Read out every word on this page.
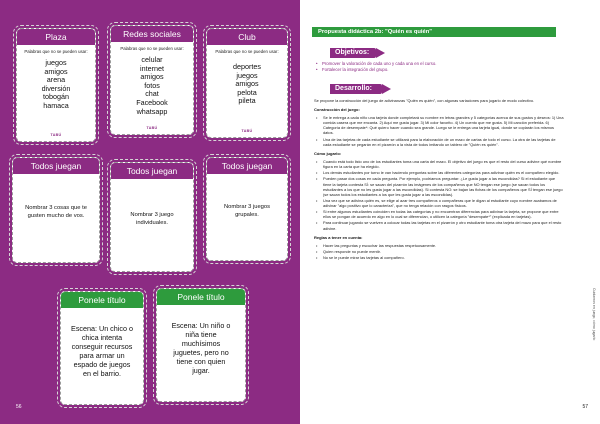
Plaza
Palabras que no se pueden usar:
juegos
amigos
arena
diversión
tobogán
hamaca
TABÚ
Redes sociales
Palabras que no se pueden usar:
celular
internet
amigos
fotos
chat
Facebook
whatsapp
TABÚ
Club
Palabras que no se pueden usar:
deportes
juegos
amigos
pelota
pileta
TABÚ
Todos juegan
Nombrar 3 cosas que te gusten mucho de vos.
Todos juegan
Nombrar 3 juego individuales.
Todos juegan
Nombrar 3 juegos grupales.
Ponele título
Escena: Un chico o chica intenta conseguir recursos para armar un espado de juegos en el barrio.
Ponele título
Escena: Un niño o niña tiene muchísimos juguetes, pero no tiene con quien jugar.
56
Propuesta didáctica 2b: "Quién es quién"
Objetivos:
• Promover la valoración de cada uno y cada una en el curso.
• Fortalecer la integración del grupo.
Desarrollo:

Se propone la construcción del juego de adivinanzas "Quién es quién", con algunas variaciones para jugarlo de modo colectivo.

Construcción del juego:
• Se le entrega a cada niño una tarjeta donde completará su nombre en letras grandes y 5 categorías acerca de sus gustos y deseos: 1) Una comida casera que me encanta. 2) Aquí me gusta jugar. 3) Mi color favorito. 4) Un cuento que me gusta. 5) Mi canción preferida. 6) Categoría de desempate*: Qué quiero hacer cuando sea grande. Luego se le entrega una tarjeta igual, donde se copiarán los mismos datos.
• Una de las tarjetas de cada estudiante se utilizará para la elaboración de un mazo de cartas de todo el curso. La otra de las tarjetas de cada estudiante se pegarán en el pizarrón a la vista de todos imitando un tablero de "Quién es quién".
Cómo jugarlo:
• Cuando está todo listo uno de los estudiantes toma una carta del mazo. El objetivo del juego es que el resto del curso adivine qué nombre figura en la carta que ha elegido.
• Los demás estudiantes por turno le van haciendo preguntas sobre las diferentes categorías para adivinar quién es el compañero elegido.
• Pueden pasar dos cosas en cada pregunta. Por ejemplo, podríamos preguntar: ¿Le gusta jugar a las escondidas? Si el estudiante que tiene la tarjeta contesta SÍ: se sacan del pizarrón las imágenes de los compañeros que NO tengan ese juego (se sacan todos los estudiantes a los que no les gusta jugar a las escondidas). Si contesta NO: se bajan las fichas de los compañeros que SÍ tengan ese juego (se sacan todos los estudiantes a los que les gusta jugar a las escondidas).
• Una vez que se adivina quién es, se elige al azar tres compañeros o compañeras que le digan al estudiante cuyo nombre acabamos de adivinar "algo positivo que lo caracteriza", que no tenga relación con rasgos físicos.
• Si entre algunos estudiantes coinciden en todas las categorías y no encuentran diferencias para adivinar la tarjeta, se propone que entre ellos se pongan de acuerdo en algo en lo cual se diferencian, o utilicen la categoría "desempate*" (explicada en tarjetas).
• Para continuar jugando se vuelven a colocar todas las tarjetas en el pizarrón y otro estudiante toma otra tarjeta del mazo para que el resto adivine.
Reglas a tener en cuenta:
• Hacer las preguntas y escuchar las respuestas respetuosamente.
• Quien responde no puede mentir.
• No se le puede mirar las tarjetas al compañero.
Cuidarnos en juego, cómo jugarlo
57
